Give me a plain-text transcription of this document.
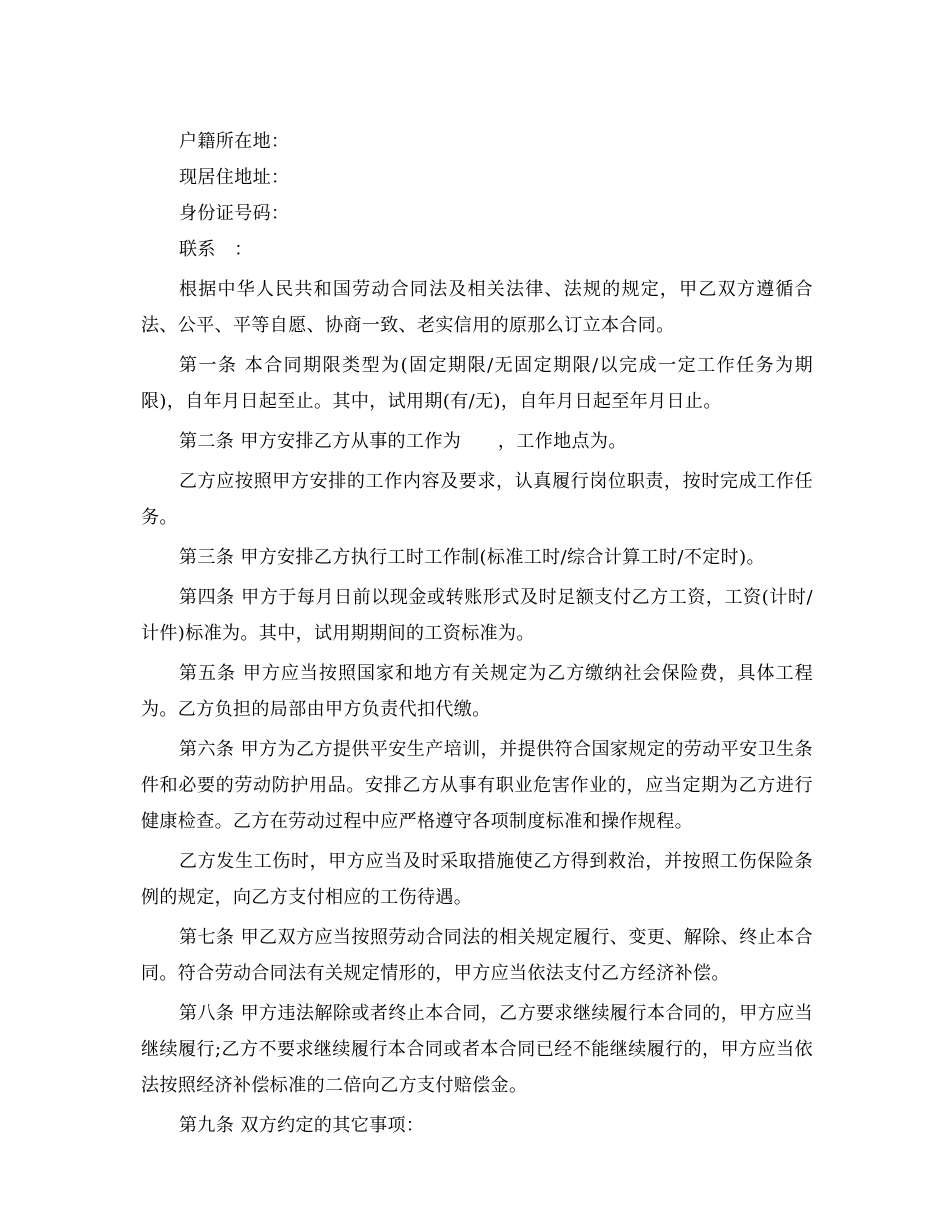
户籍所在地：

现居住地址：

身份证号码：

联系　：

根据中华人民共和国劳动合同法及相关法律、法规的规定，甲乙双方遵循合法、公平、平等自愿、协商一致、老实信用的原那么订立本合同。

第一条 本合同期限类型为(固定期限/无固定期限/以完成一定工作任务为期限)，自年月日起至止。其中，试用期(有/无)，自年月日起至年月日止。

第二条 甲方安排乙方从事的工作为　　，工作地点为。

乙方应按照甲方安排的工作内容及要求，认真履行岗位职责，按时完成工作任务。

第三条 甲方安排乙方执行工时工作制(标准工时/综合计算工时/不定时)。

第四条 甲方于每月日前以现金或转账形式及时足额支付乙方工资，工资(计时/计件)标准为。其中，试用期期间的工资标准为。

第五条 甲方应当按照国家和地方有关规定为乙方缴纳社会保险费，具体工程为。乙方负担的局部由甲方负责代扣代缴。

第六条 甲方为乙方提供平安生产培训，并提供符合国家规定的劳动平安卫生条件和必要的劳动防护用品。安排乙方从事有职业危害作业的，应当定期为乙方进行健康检查。乙方在劳动过程中应严格遵守各项制度标准和操作规程。

乙方发生工伤时，甲方应当及时采取措施使乙方得到救治，并按照工伤保险条例的规定，向乙方支付相应的工伤待遇。

第七条 甲乙双方应当按照劳动合同法的相关规定履行、变更、解除、终止本合同。符合劳动合同法有关规定情形的，甲方应当依法支付乙方经济补偿。

第八条 甲方违法解除或者终止本合同，乙方要求继续履行本合同的，甲方应当继续履行;乙方不要求继续履行本合同或者本合同已经不能继续履行的，甲方应当依法按照经济补偿标准的二倍向乙方支付赔偿金。

第九条 双方约定的其它事项：
